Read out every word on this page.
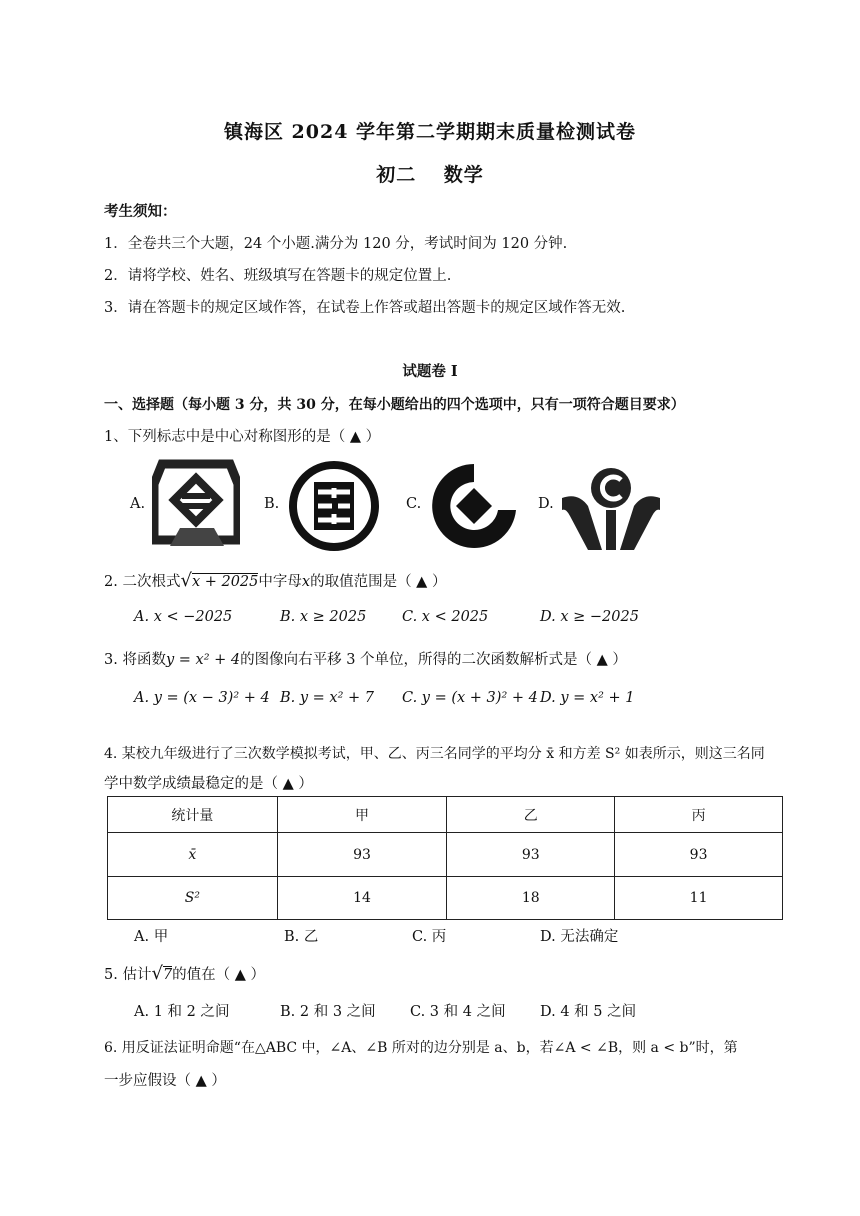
镇海区 2024 学年第二学期期末质量检测试卷
初二　 数学
考生须知：
1．全卷共三个大题，24 个小题.满分为 120 分，考试时间为 120 分钟.
2．请将学校、姓名、班级填写在答题卡的规定位置上.
3．请在答题卡的规定区域作答，在试卷上作答或超出答题卡的规定区域作答无效.
试题卷 I
一、选择题（每小题 3 分，共 30 分，在每小题给出的四个选项中，只有一项符合题目要求）
1、下列标志中是中心对称图形的是（ ▲ ）
A.	B.	C.	D.
2. 二次根式√x + 2025中字母x的取值范围是（ ▲ ）
A. x < −2025	B. x ≥ 2025 C. x < 2025	D. x ≥ −2025
3. 将函数y = x² + 4的图像向右平移 3 个单位，所得的二次函数解析式是（ ▲ ）
A. y = (x − 3)² + 4 B. y = x² + 7 C. y = (x + 3)² + 4 D. y = x² + 1
4. 某校九年级进行了三次数学模拟考试，甲、乙、丙三名同学的平均分 x̄ 和方差 S² 如表所示，则这三名同
学中数学成绩最稳定的是（ ▲ ）
统计量	甲	乙	丙
x̄	93	93	93
S²	14	18	11
A. 甲	B. 乙	C. 丙	D. 无法确定
5. 估计√7的值在（ ▲ ）
A. 1 和 2 之间	B. 2 和 3 之间 C. 3 和 4 之间 D. 4 和 5 之间
6. 用反证法证明命题“在△ABC 中，∠A、∠B 所对的边分别是 a、b，若∠A < ∠B，则 a < b”时，第
一步应假设（ ▲ ）
